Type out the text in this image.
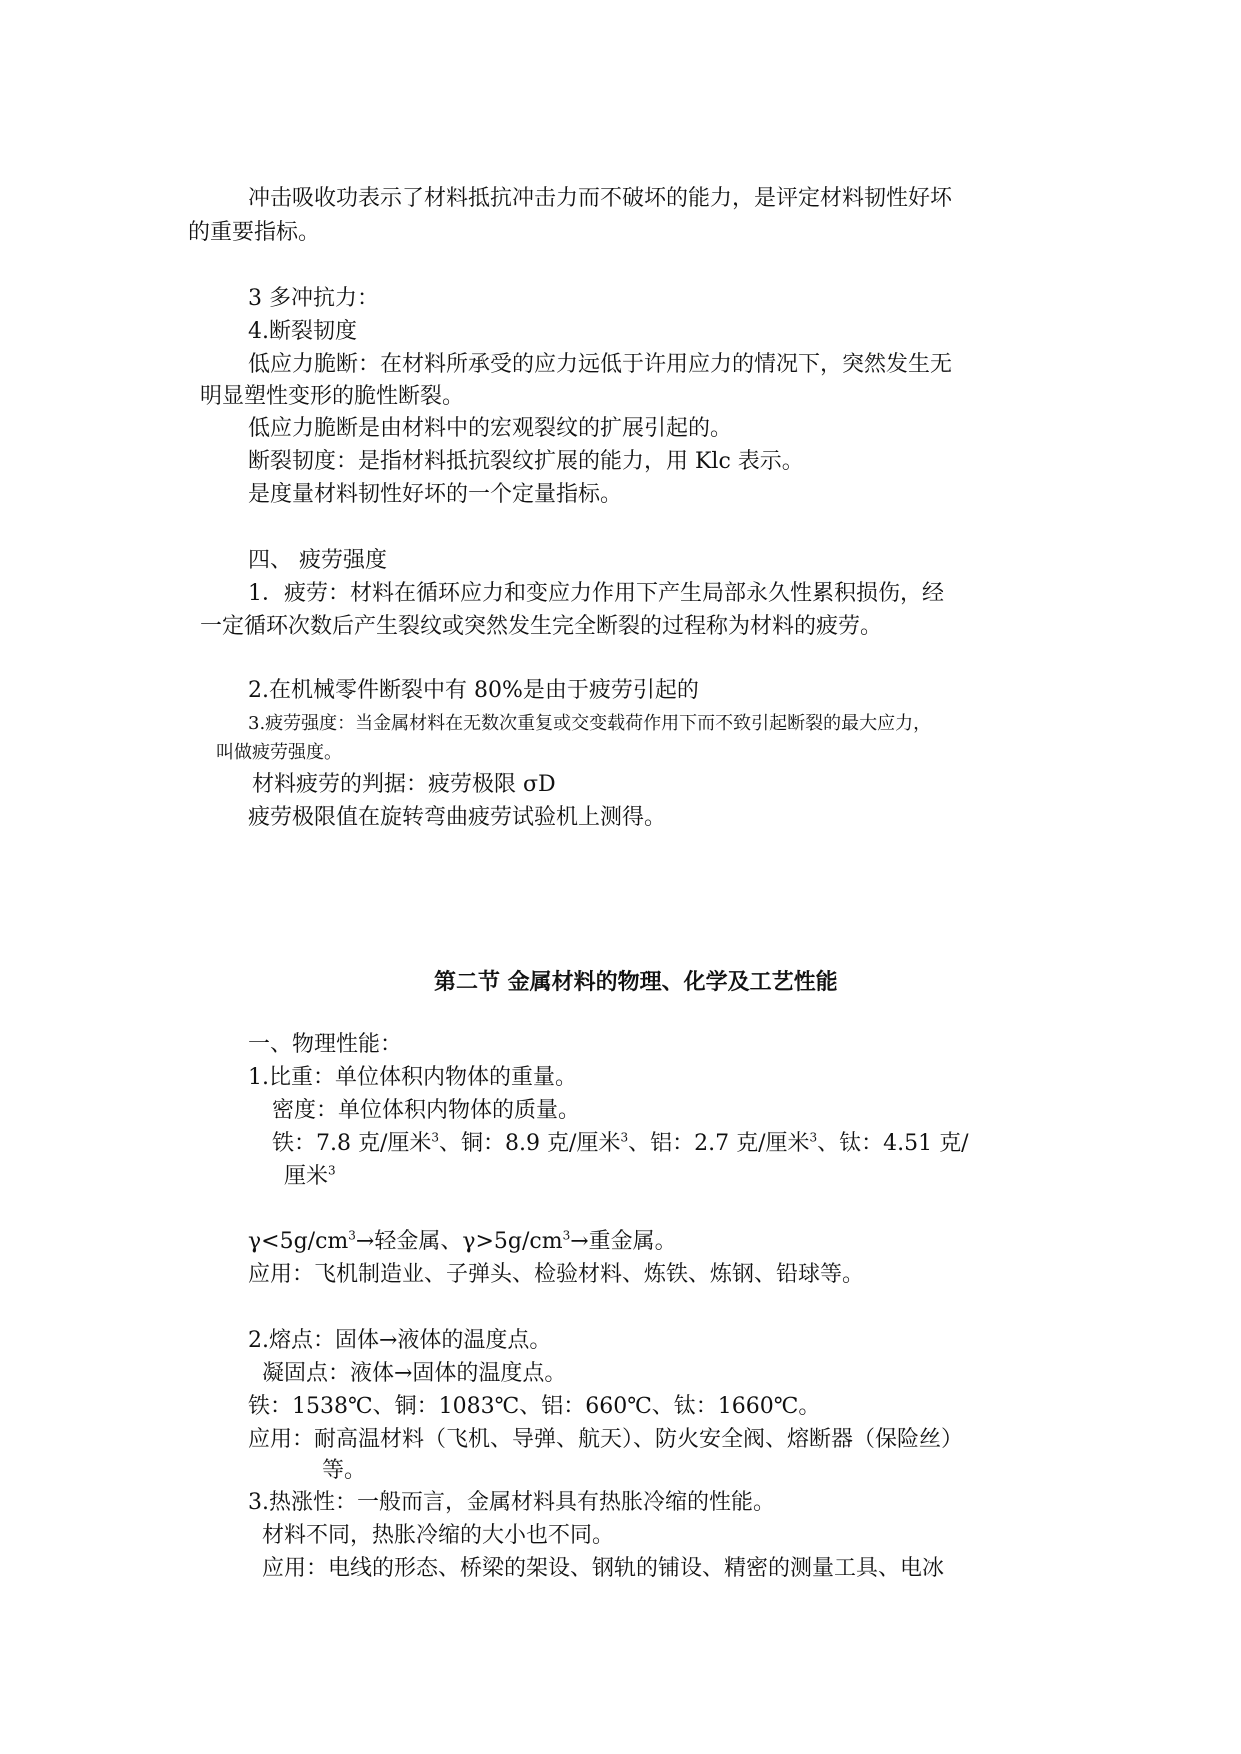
冲击吸收功表示了材料抵抗冲击力而不破坏的能力，是评定材料韧性好坏
的重要指标。
3 多冲抗力：
4.断裂韧度
低应力脆断：在材料所承受的应力远低于许用应力的情况下，突然发生无
明显塑性变形的脆性断裂。
低应力脆断是由材料中的宏观裂纹的扩展引起的。
断裂韧度：是指材料抵抗裂纹扩展的能力，用 Klc 表示。
是度量材料韧性好坏的一个定量指标。
四、 疲劳强度
1．疲劳：材料在循环应力和变应力作用下产生局部永久性累积损伤，经
一定循环次数后产生裂纹或突然发生完全断裂的过程称为材料的疲劳。
2.在机械零件断裂中有 80%是由于疲劳引起的
3.疲劳强度：当金属材料在无数次重复或交变载荷作用下而不致引起断裂的最大应力，
叫做疲劳强度。
材料疲劳的判据：疲劳极限 σD
疲劳极限值在旋转弯曲疲劳试验机上测得。
第二节 金属材料的物理、化学及工艺性能
一、物理性能：
1.比重：单位体积内物体的重量。
密度：单位体积内物体的质量。
铁：7.8 克/厘米$^3$、铜：8.9 克/厘米$^3$、铝：2.7 克/厘米$^3$、钛：4.51 克/
厘米$^3$
$\gamma<5g/cm^3\to$轻金属、$\gamma>5g/cm^3\to$重金属。
应用：飞机制造业、子弹头、检验材料、炼铁、炼钢、铅球等。
2.熔点：固体→液体的温度点。
凝固点：液体→固体的温度点。
铁：1538℃、铜：1083℃、铝：660℃、钛：1660℃。
应用：耐高温材料（飞机、导弹、航天）、防火安全阀、熔断器（保险丝）
等。
3.热涨性：一般而言，金属材料具有热胀冷缩的性能。
材料不同，热胀冷缩的大小也不同。
应用：电线的形态、桥梁的架设、钢轨的铺设、精密的测量工具、电冰
